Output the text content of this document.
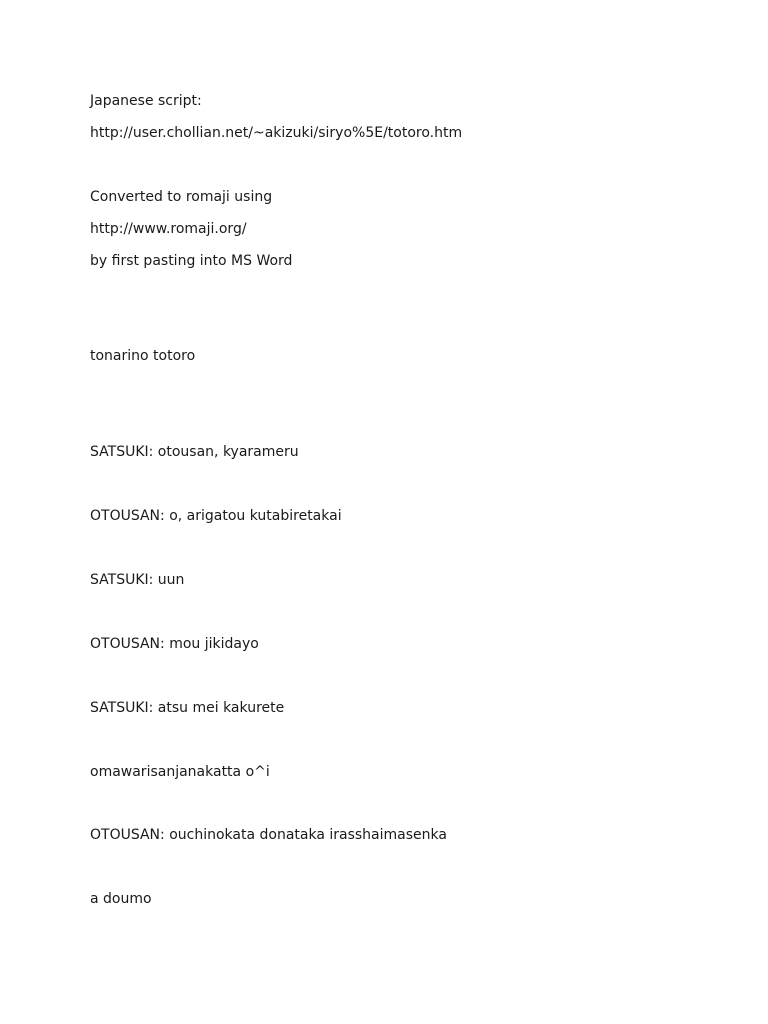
Japanese script:
http://user.chollian.net/~akizuki/siryo%5E/totoro.htm
Converted to romaji using
http://www.romaji.org/
by first pasting into MS Word
tonarino totoro
SATSUKI: otousan, kyarameru
OTOUSAN: o, arigatou kutabiretakai
SATSUKI: uun
OTOUSAN: mou jikidayo
SATSUKI: atsu mei kakurete
omawarisanjanakatta o^i
OTOUSAN: ouchinokata donataka irasshaimasenka
a doumo
